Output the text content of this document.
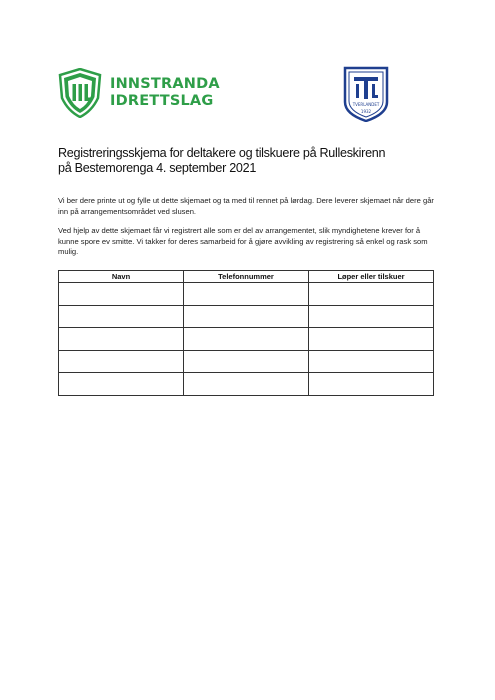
INNSTRANDA
IDRETTSLAG	TVERLANDET
1932
Registreringsskjema for deltakere og tilskuere på Rulleskirenn
på Bestemorenga 4. september 2021
Vi ber dere printe ut og fylle ut dette skjemaet og ta med til rennet på lørdag. Dere leverer skjemaet når dere går inn på arrangementsområdet ved slusen.
Ved hjelp av dette skjemaet får vi registrert alle som er del av arrangementet, slik myndighetene krever for å kunne spore ev smitte. Vi takker for deres samarbeid for å gjøre avvikling av registrering så enkel og rask som mulig.
Navn	Telefonnummer	Løper eller tilskuer
